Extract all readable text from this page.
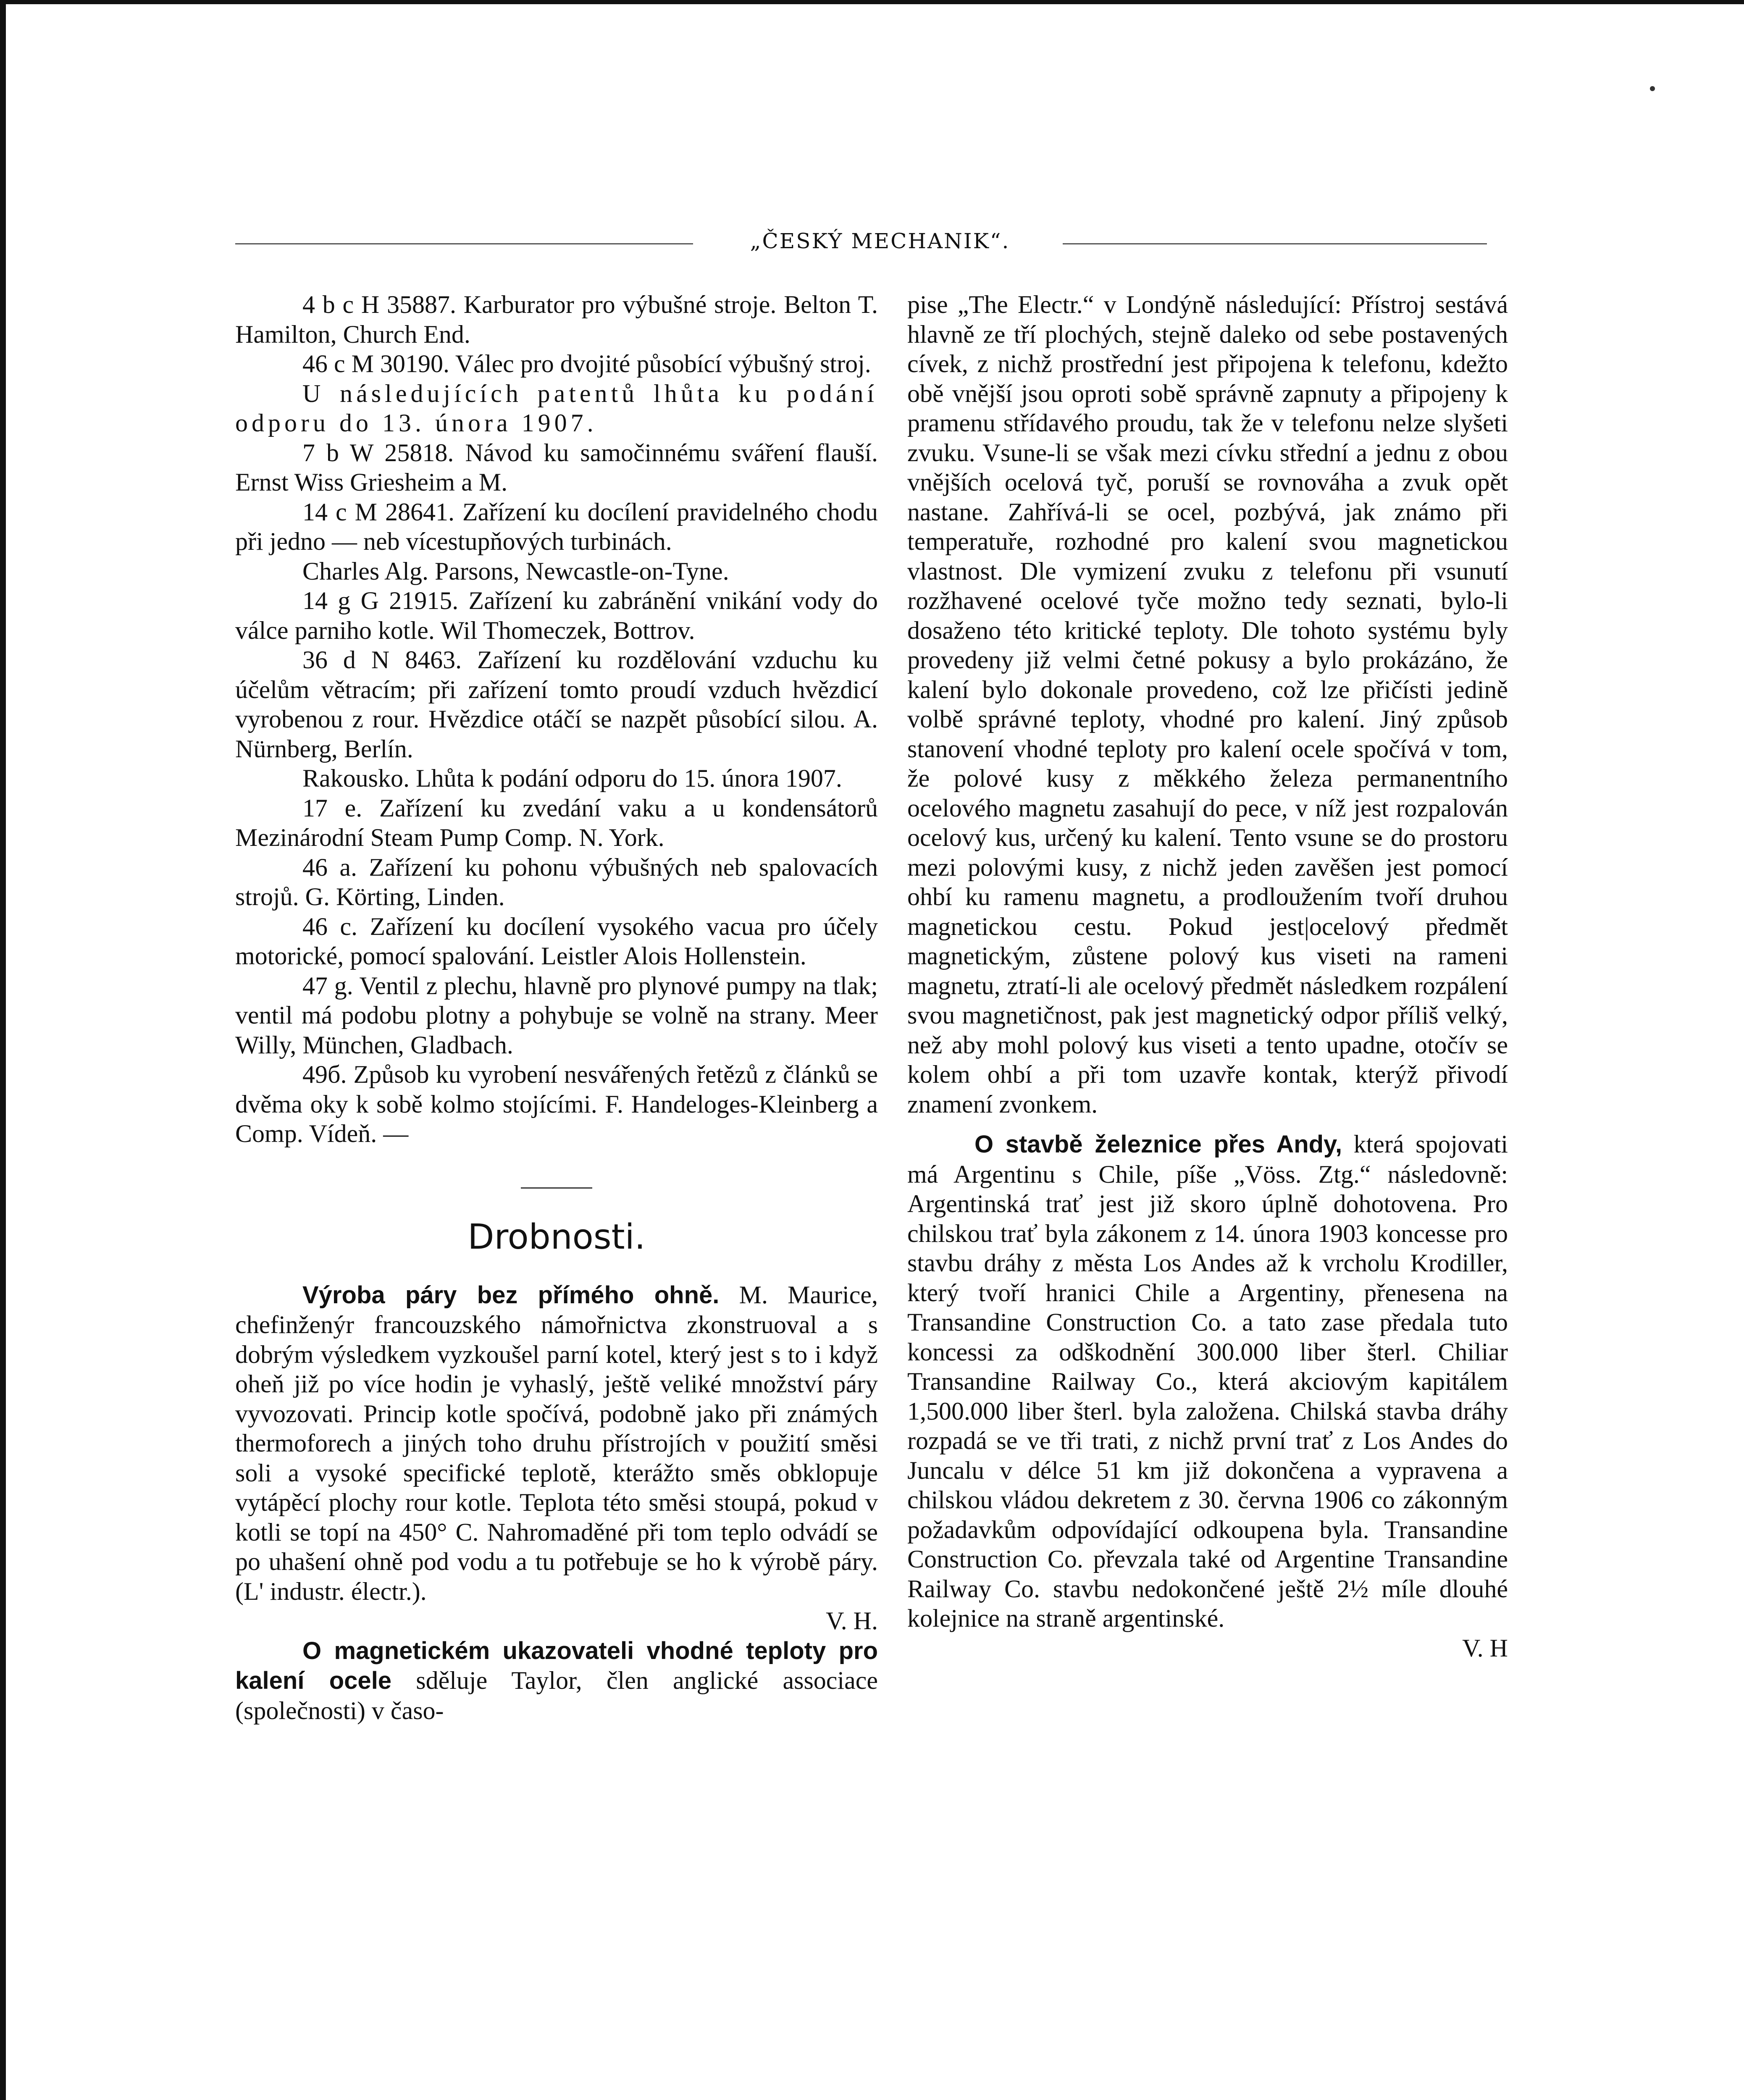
„ČESKÝ MECHANIK“.

4 b c H 35887. Karburator pro výbušné stroje. Belton T. Hamilton, Church End.

46 c M 30190. Válec pro dvojité působící výbušný stroj.

U následujících patentů lhůta ku podání odporu do 13. února 1907.

7 b W 25818. Návod ku samočinnému sváření flauší. Ernst Wiss Griesheim a M.

14 c M 28641. Zařízení ku docílení pravidelného chodu při jedno — neb vícestupňových turbinách.

Charles Alg. Parsons, Newcastle-on-Tyne.

14 g G 21915. Zařízení ku zabránění vnikání vody do válce parniho kotle. Wil Thomeczek, Bottrov.

36 d N 8463. Zařízení ku rozdělování vzduchu ku účelům větracím; při zařízení tomto proudí vzduch hvězdicí vyrobenou z rour. Hvězdice otáčí se nazpět působící silou. A. Nürnberg, Berlín.

Rakousko. Lhůta k podání odporu do 15. února 1907.

17 e. Zařízení ku zvedání vaku a u kondensátorů Mezinárodní Steam Pump Comp. N. York.

46 a. Zařízení ku pohonu výbušných neb spalovacích strojů. G. Körting, Linden.

46 c. Zařízení ku docílení vysokého vacua pro účely motorické, pomocí spalování. Leistler Alois Hollenstein.

47 g. Ventil z plechu, hlavně pro plynové pumpy na tlak; ventil má podobu plotny a pohybuje se volně na strany. Meer Willy, München, Gladbach.

49б. Způsob ku vyrobení nesvářených řetězů z článků se dvěma oky k sobě kolmo stojícími. F. Handeloges-Kleinberg a Comp. Vídeň. —

Drobnosti.

Výroba páry bez přímého ohně. M. Maurice, chefinženýr francouzského námořnictva zkonstruoval a s dobrým výsledkem vyzkoušel parní kotel, který jest s to i když oheň již po více hodin je vyhaslý, ještě veliké množství páry vyvozovati. Princip kotle spočívá, podobně jako při známých thermoforech a jiných toho druhu přístrojích v použití směsi soli a vysoké specifické teplotě, kterážto směs obklopuje vytápěcí plochy rour kotle. Teplota této směsi stoupá, pokud v kotli se topí na 450° C. Nahromaděné při tom teplo odvádí se po uhašení ohně pod vodu a tu potřebuje se ho k výrobě páry. (L' industr. électr.).

V. H.

O magnetickém ukazovateli vhodné teploty pro kalení ocele sděluje Taylor, člen anglické associace (společnosti) v časo-

pise „The Electr.“ v Londýně následující: Přístroj sestává hlavně ze tří plochých, stejně daleko od sebe postavených cívek, z nichž prostřední jest připojena k telefonu, kdežto obě vnější jsou oproti sobě správně zapnuty a připojeny k pramenu střídavého proudu, tak že v telefonu nelze slyšeti zvuku. Vsune-li se však mezi cívku střední a jednu z obou vnějších ocelová tyč, poruší se rovnováha a zvuk opět nastane. Zahřívá-li se ocel, pozbývá, jak známo při temperatuře, rozhodné pro kalení svou magnetickou vlastnost. Dle vymizení zvuku z telefonu při vsunutí rozžhavené ocelové tyče možno tedy seznati, bylo-li dosaženo této kritické teploty. Dle tohoto systému byly provedeny již velmi četné pokusy a bylo prokázáno, že kalení bylo dokonale provedeno, což lze přičísti jedině volbě správné teploty, vhodné pro kalení. Jiný způsob stanovení vhodné teploty pro kalení ocele spočívá v tom, že polové kusy z měkkého železa permanentního ocelového magnetu zasahují do pece, v níž jest rozpalován ocelový kus, určený ku kalení. Tento vsune se do prostoru mezi polovými kusy, z nichž jeden zavěšen jest pomocí ohbí ku ramenu magnetu, a prodloužením tvoří druhou magnetickou cestu. Pokud jest|ocelový předmět magnetickým, zůstene polový kus viseti na rameni magnetu, ztratí-li ale ocelový předmět následkem rozpálení svou magnetičnost, pak jest magnetický odpor příliš velký, než aby mohl polový kus viseti a tento upadne, otočív se kolem ohbí a při tom uzavře kontak, kterýž přivodí znamení zvonkem.

O stavbě železnice přes Andy, která spojovati má Argentinu s Chile, píše „Vöss. Ztg.“ následovně: Argentinská trať jest již skoro úplně dohotovena. Pro chilskou trať byla zákonem z 14. února 1903 koncesse pro stavbu dráhy z města Los Andes až k vrcholu Krodiller, který tvoří hranici Chile a Argentiny, přenesena na Transandine Construction Co. a tato zase předala tuto koncessi za odškodnění 300.000 liber šterl. Chiliar Transandine Railway Co., která akciovým kapitálem 1,500.000 liber šterl. byla založena. Chilská stavba dráhy rozpadá se ve tři trati, z nichž první trať z Los Andes do Juncalu v délce 51 km již dokončena a vypravena a chilskou vládou dekretem z 30. června 1906 co zákonným požadavkům odpovídající odkoupena byla. Transandine Construction Co. převzala také od Argentine Transandine Railway Co. stavbu nedokončené ještě 2½ míle dlouhé kolejnice na straně argentinské.

V. H
